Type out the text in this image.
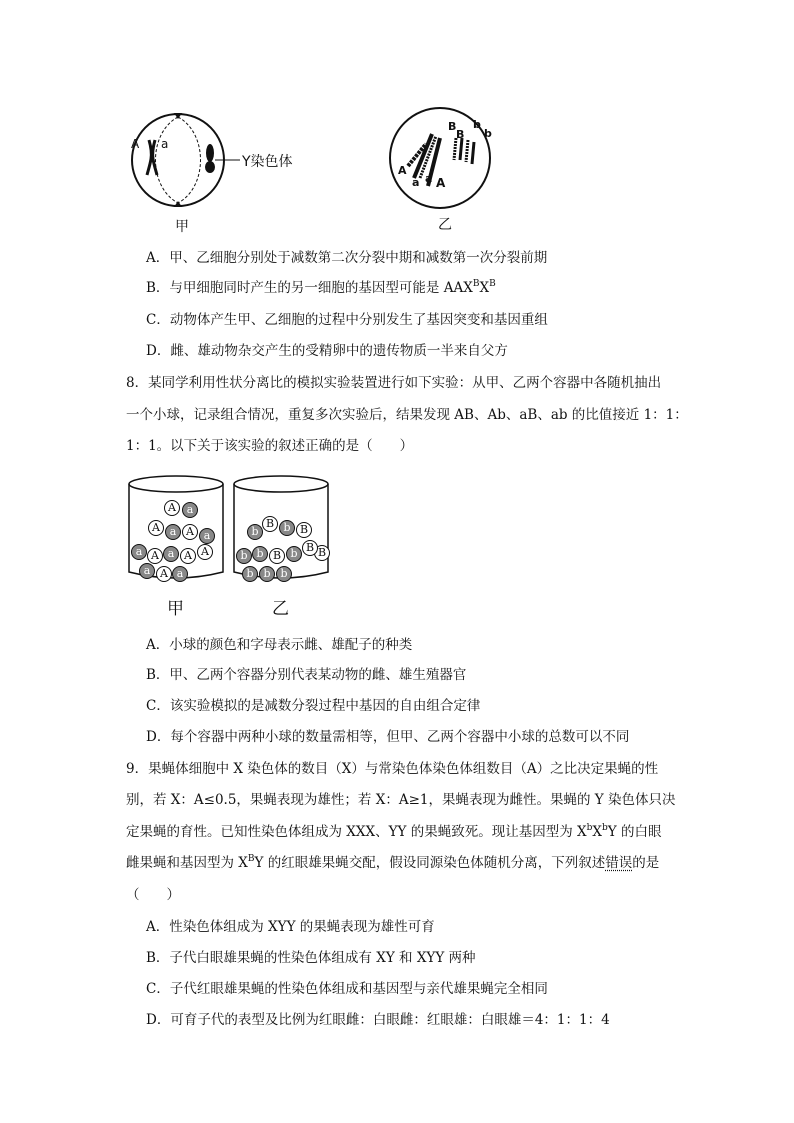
A a
Y染色体
甲
B
B
b
b
A
A
a a
乙
A．甲、乙细胞分别处于减数第二次分裂中期和减数第一次分裂前期
B．与甲细胞同时产生的另一细胞的基因型可能是 $AAX^BX^B$
C．动物体产生甲、乙细胞的过程中分别发生了基因突变和基因重组
D．雌、雄动物杂交产生的受精卵中的遗传物质一半来自父方
8．某同学利用性状分离比的模拟实验装置进行如下实验：从甲、乙两个容器中各随机抽出
一个小球，记录组合情况，重复多次实验后，结果发现 AB、Ab、aB、ab 的比值接近 1：1：
1：1。以下关于该实验的叙述正确的是（　　）
A a
A a A a
a A a A A
a A a
b
B b B
B
b b B b B
b b b
甲	乙
A．小球的颜色和字母表示雌、雄配子的种类
B．甲、乙两个容器分别代表某动物的雌、雄生殖器官
C．该实验模拟的是减数分裂过程中基因的自由组合定律
D．每个容器中两种小球的数量需相等，但甲、乙两个容器中小球的总数可以不同
9．果蝇体细胞中 X 染色体的数目（X）与常染色体染色体组数目（A）之比决定果蝇的性
别，若 X：A≤0.5，果蝇表现为雄性；若 X：A≥1，果蝇表现为雌性。果蝇的 Y 染色体只决
定果蝇的育性。已知性染色体组成为 XXX、YY 的果蝇致死。现让基因型为 $X^bX^bY$ 的白眼
雌果蝇和基因型为 $X^BY$ 的红眼雄果蝇交配，假设同源染色体随机分离，下列叙述错误的是
（　　）
A．性染色体组成为 XYY 的果蝇表现为雄性可育
B．子代白眼雄果蝇的性染色体组成有 XY 和 XYY 两种
C．子代红眼雄果蝇的性染色体组成和基因型与亲代雄果蝇完全相同
D．可育子代的表型及比例为红眼雌：白眼雌：红眼雄：白眼雄＝4：1：1：4
